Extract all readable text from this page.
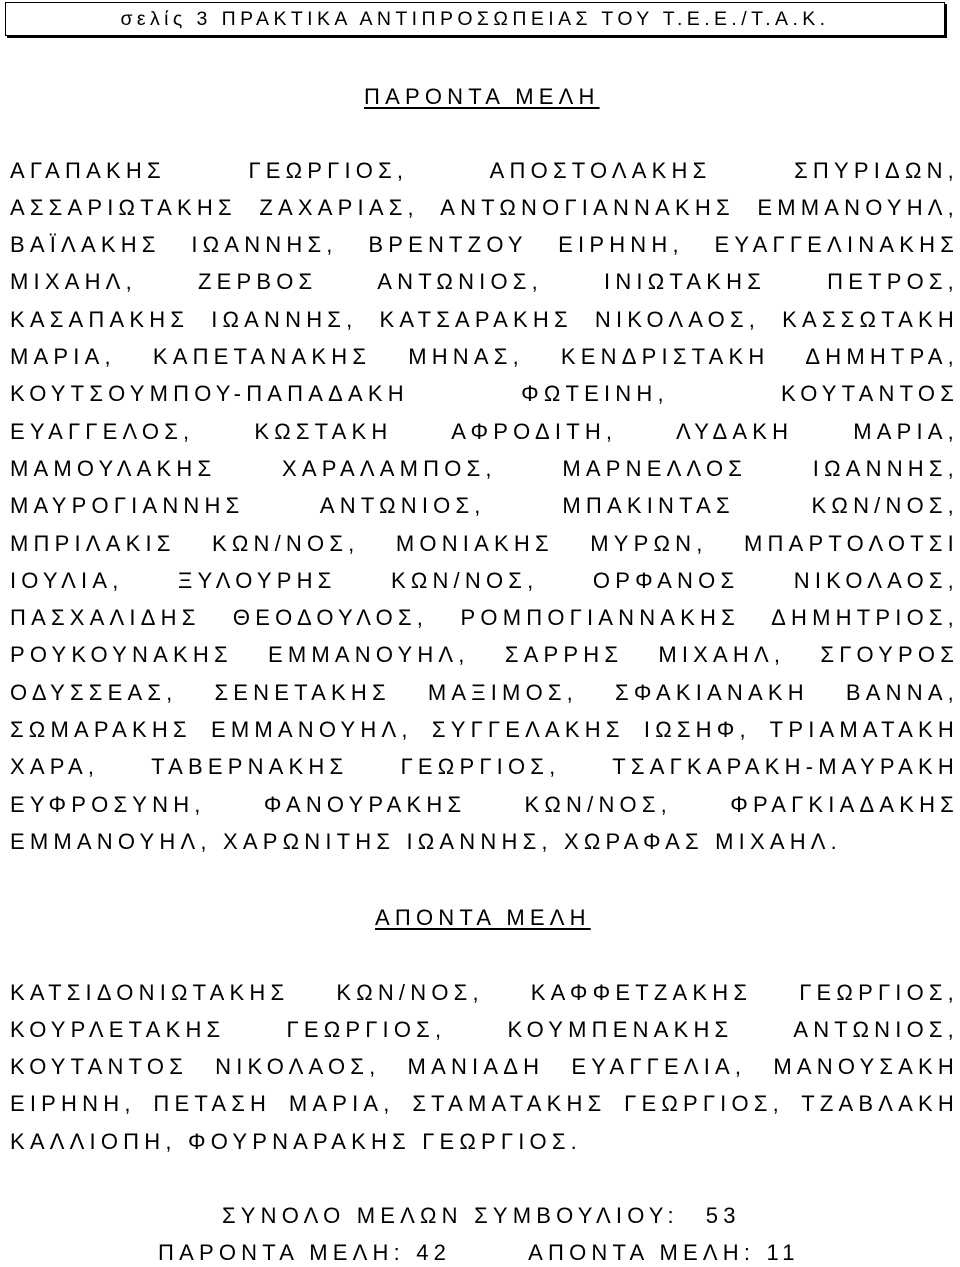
σελίς 3 ΠΡΑΚΤΙΚΑ ΑΝΤΙΠΡΟΣΩΠΕΙΑΣ ΤΟΥ Τ.Ε.Ε./Τ.Α.Κ.
ΠΑΡΟΝΤΑ ΜΕΛΗ
ΑΓΑΠΑΚΗΣ ΓΕΩΡΓΙΟΣ, ΑΠΟΣΤΟΛΑΚΗΣ ΣΠΥΡΙΔΩΝ,
ΑΣΣΑΡΙΩΤΑΚΗΣ ΖΑΧΑΡΙΑΣ, ΑΝΤΩΝΟΓΙΑΝΝΑΚΗΣ ΕΜΜΑΝΟΥΗΛ,
ΒΑΪΛΑΚΗΣ ΙΩΑΝΝΗΣ, ΒΡΕΝΤΖΟΥ ΕΙΡΗΝΗ, ΕΥΑΓΓΕΛΙΝΑΚΗΣ
ΜΙΧΑΗΛ, ΖΕΡΒΟΣ ΑΝΤΩΝΙΟΣ, ΙΝΙΩΤΑΚΗΣ ΠΕΤΡΟΣ,
ΚΑΣΑΠΑΚΗΣ ΙΩΑΝΝΗΣ, ΚΑΤΣΑΡΑΚΗΣ ΝΙΚΟΛΑΟΣ, ΚΑΣΣΩΤΑΚΗ
ΜΑΡΙΑ, ΚΑΠΕΤΑΝΑΚΗΣ ΜΗΝΑΣ, ΚΕΝΔΡΙΣΤΑΚΗ ΔΗΜΗΤΡΑ,
ΚΟΥΤΣΟΥΜΠΟΥ-ΠΑΠΑΔΑΚΗ ΦΩΤΕΙΝΗ, ΚΟΥΤΑΝΤΟΣ
ΕΥΑΓΓΕΛΟΣ, ΚΩΣΤΑΚΗ ΑΦΡΟΔΙΤΗ, ΛΥΔΑΚΗ ΜΑΡΙΑ,
ΜΑΜΟΥΛΑΚΗΣ ΧΑΡΑΛΑΜΠΟΣ, ΜΑΡΝΕΛΛΟΣ ΙΩΑΝΝΗΣ,
ΜΑΥΡΟΓΙΑΝΝΗΣ ΑΝΤΩΝΙΟΣ, ΜΠΑΚΙΝΤΑΣ ΚΩΝ/ΝΟΣ,
ΜΠΡΙΛΑΚΙΣ ΚΩΝ/ΝΟΣ, ΜΟΝΙΑΚΗΣ ΜΥΡΩΝ, ΜΠΑΡΤΟΛΟΤΣΙ
ΙΟΥΛΙΑ, ΞΥΛΟΥΡΗΣ ΚΩΝ/ΝΟΣ, ΟΡΦΑΝΟΣ ΝΙΚΟΛΑΟΣ,
ΠΑΣΧΑΛΙΔΗΣ ΘΕΟΔΟΥΛΟΣ, ΡΟΜΠΟΓΙΑΝΝΑΚΗΣ ΔΗΜΗΤΡΙΟΣ,
ΡΟΥΚΟΥΝΑΚΗΣ ΕΜΜΑΝΟΥΗΛ, ΣΑΡΡΗΣ ΜΙΧΑΗΛ, ΣΓΟΥΡΟΣ
ΟΔΥΣΣΕΑΣ, ΣΕΝΕΤΑΚΗΣ ΜΑΞΙΜΟΣ, ΣΦΑΚΙΑΝΑΚΗ ΒΑΝΝΑ,
ΣΩΜΑΡΑΚΗΣ ΕΜΜΑΝΟΥΗΛ, ΣΥΓΓΕΛΑΚΗΣ ΙΩΣΗΦ, ΤΡΙΑΜΑΤΑΚΗ
ΧΑΡΑ, ΤΑΒΕΡΝΑΚΗΣ ΓΕΩΡΓΙΟΣ, ΤΣΑΓΚΑΡΑΚΗ-ΜΑΥΡΑΚΗ
ΕΥΦΡΟΣΥΝΗ, ΦΑΝΟΥΡΑΚΗΣ ΚΩΝ/ΝΟΣ, ΦΡΑΓΚΙΑΔΑΚΗΣ
ΕΜΜΑΝΟΥΗΛ, ΧΑΡΩΝΙΤΗΣ ΙΩΑΝΝΗΣ, ΧΩΡΑΦΑΣ ΜΙΧΑΗΛ.
ΑΠΟΝΤΑ ΜΕΛΗ
ΚΑΤΣΙΔΟΝΙΩΤΑΚΗΣ ΚΩΝ/ΝΟΣ, ΚΑΦΦΕΤΖΑΚΗΣ ΓΕΩΡΓΙΟΣ,
ΚΟΥΡΛΕΤΑΚΗΣ ΓΕΩΡΓΙΟΣ, ΚΟΥΜΠΕΝΑΚΗΣ ΑΝΤΩΝΙΟΣ,
ΚΟΥΤΑΝΤΟΣ ΝΙΚΟΛΑΟΣ, ΜΑΝΙΑΔΗ ΕΥΑΓΓΕΛΙΑ, ΜΑΝΟΥΣΑΚΗ
ΕΙΡΗΝΗ, ΠΕΤΑΣΗ ΜΑΡΙΑ, ΣΤΑΜΑΤΑΚΗΣ ΓΕΩΡΓΙΟΣ, ΤΖΑΒΛΑΚΗ
ΚΑΛΛΙΟΠΗ, ΦΟΥΡΝΑΡΑΚΗΣ ΓΕΩΡΓΙΟΣ.
ΣΥΝΟΛΟ ΜΕΛΩΝ ΣΥΜΒΟΥΛΙΟΥ: 53
ΠΑΡΟΝΤΑ ΜΕΛΗ: 42	ΑΠΟΝΤΑ ΜΕΛΗ: 11
